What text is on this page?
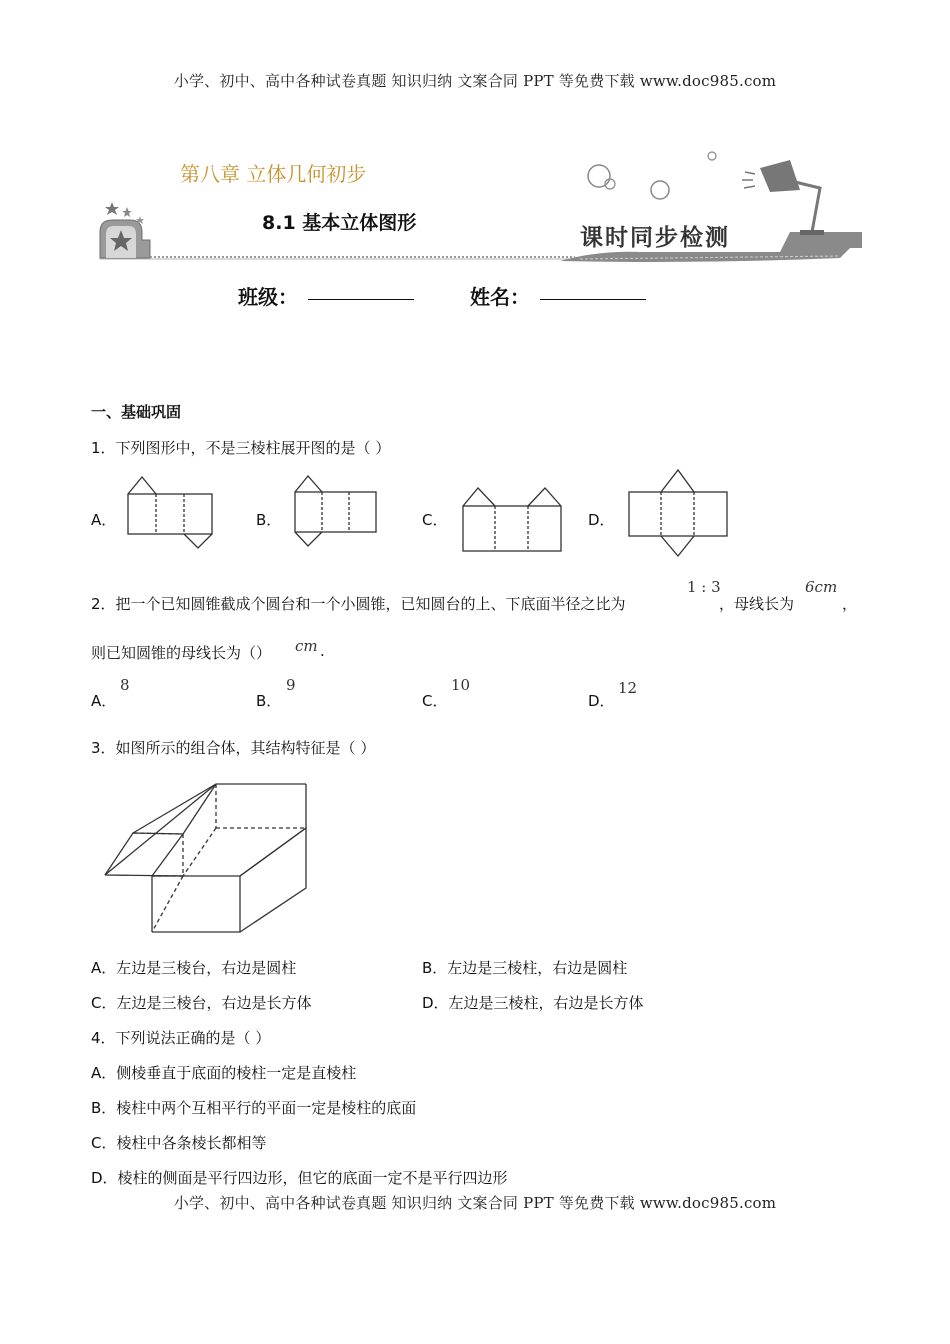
小学、初中、高中各种试卷真题 知识归纳 文案合同 PPT 等免费下载 www.doc985.com
第八章 立体几何初步
8.1 基本立体图形
课时同步检测
班级：	姓名：
一、基础巩固
1．下列图形中，不是三棱柱展开图的是（ ）
A．	B．	C．	D．
2．把一个已知圆锥截成个圆台和一个小圆锥，已知圆台的上、下底面半径之比为
1 : 3
，母线长为
6cm
，
则已知圆锥的母线长为（） cm .
A．
8
B．
9
C．
10
D．
12
3．如图所示的组合体，其结构特征是（ ）
A．左边是三棱台，右边是圆柱	B．左边是三棱柱，右边是圆柱
C．左边是三棱台，右边是长方体	D．左边是三棱柱，右边是长方体
4．下列说法正确的是（ ）
A．侧棱垂直于底面的棱柱一定是直棱柱
B．棱柱中两个互相平行的平面一定是棱柱的底面
C．棱柱中各条棱长都相等
D．棱柱的侧面是平行四边形，但它的底面一定不是平行四边形
小学、初中、高中各种试卷真题 知识归纳 文案合同 PPT 等免费下载 www.doc985.com
